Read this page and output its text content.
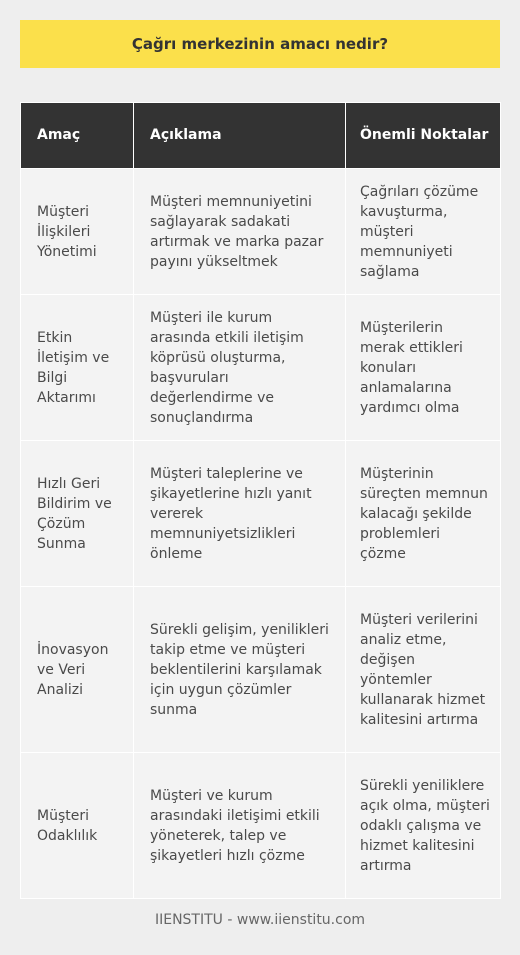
Çağrı merkezinin amacı nedir?
Amaç	Açıklama	Önemli Noktalar
Müşteri İlişkileri Yönetimi	Müşteri memnuniyetini sağlayarak sadakati artırmak ve marka pazar payını yükseltmek	Çağrıları çözüme kavuşturma, müşteri memnuniyeti sağlama
Etkin İletişim ve Bilgi Aktarımı	Müşteri ile kurum arasında etkili iletişim köprüsü oluşturma, başvuruları değerlendirme ve sonuçlandırma	Müşterilerin merak ettikleri konuları anlamalarına yardımcı olma
Hızlı Geri Bildirim ve Çözüm Sunma	Müşteri taleplerine ve şikayetlerine hızlı yanıt vererek memnuniyetsizlikleri önleme	Müşterinin süreçten memnun kalacağı şekilde problemleri çözme
İnovasyon ve Veri Analizi	Sürekli gelişim, yenilikleri takip etme ve müşteri beklentilerini karşılamak için uygun çözümler sunma	Müşteri verilerini analiz etme, değişen yöntemler kullanarak hizmet kalitesini artırma
Müşteri Odaklılık	Müşteri ve kurum arasındaki iletişimi etkili yöneterek, talep ve şikayetleri hızlı çözme	Sürekli yeniliklere açık olma, müşteri odaklı çalışma ve hizmet kalitesini artırma
IIENSTITU - www.iienstitu.com
